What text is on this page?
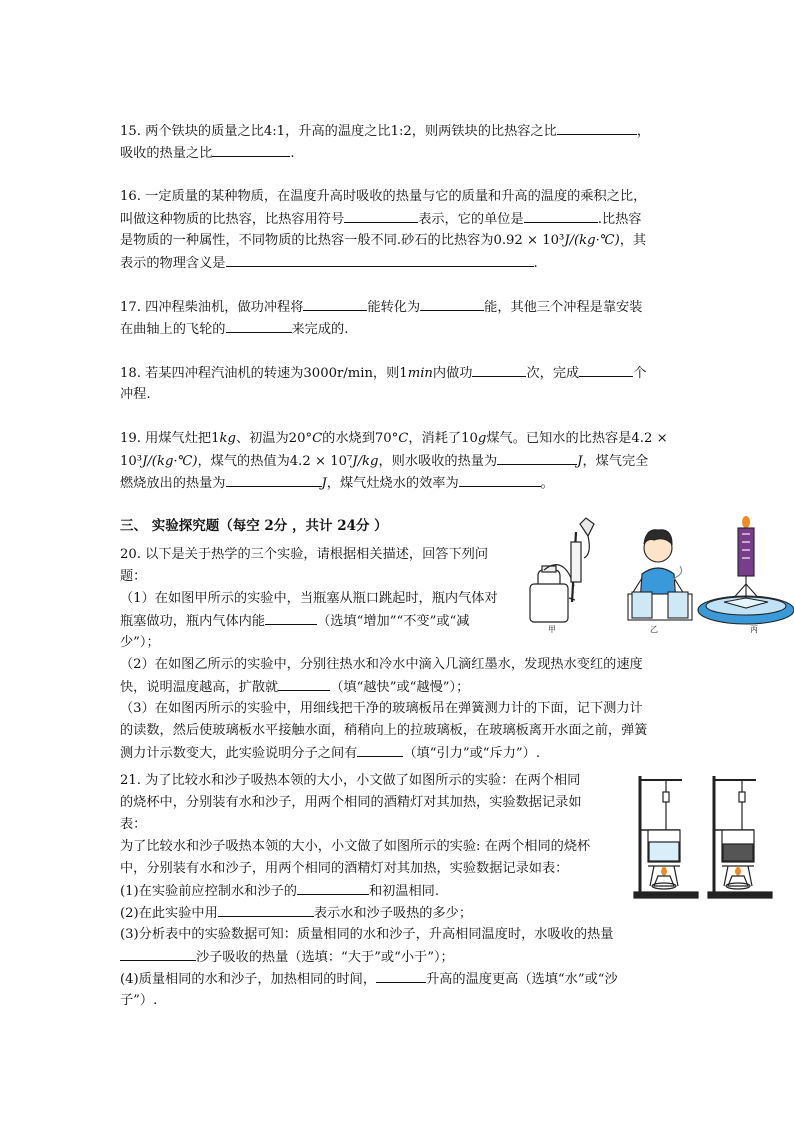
15. 两个铁块的质量之比4:1，升高的温度之比1:2，则两铁块的比热容之比	，
吸收的热量之比	.
16. 一定质量的某种物质，在温度升高时吸收的热量与它的质量和升高的温度的乘积之比，
叫做这种物质的比热容，比热容用符号	表示，它的单位是	.比热容
是物质的一种属性，不同物质的比热容一般不同.砂石的比热容为0.92 × 10³J/(kg·℃)，其
表示的物理含义是	.
17. 四冲程柴油机，做功冲程将	能转化为	能，其他三个冲程是靠安装
在曲轴上的飞轮的	来完成的.
18. 若某四冲程汽油机的转速为3000r/min，则1min内做功	次，完成	个
冲程.
19. 用煤气灶把1kg、初温为20°C的水烧到70°C，消耗了10g煤气。已知水的比热容是4.2 ×
10³J/(kg·℃)，煤气的热值为4.2 × 10⁷J/kg，则水吸收的热量为	J，煤气完全
燃烧放出的热量为	J，煤气灶烧水的效率为	。
三、 实验探究题（每空 2分 ，共计 24分 ）
20. 以下是关于热学的三个实验，请根据相关描述，回答下列问
题：
（1）在如图甲所示的实验中，当瓶塞从瓶口跳起时，瓶内气体对
瓶塞做功，瓶内气体内能	（选填“增加”“不变”或“减
少”）；
（2）在如图乙所示的实验中，分别往热水和冷水中滴入几滴红墨水，发现热水变红的速度
快，说明温度越高，扩散就	（填“越快”或“越慢”）；
（3）在如图丙所示的实验中，用细线把干净的玻璃板吊在弹簧测力计的下面，记下测力计
的读数，然后使玻璃板水平接触水面，稍稍向上的拉玻璃板，在玻璃板离开水面之前，弹簧
测力计示数变大，此实验说明分子之间有	（填“引力”或“斥力”）.
甲	乙	丙
21. 为了比较水和沙子吸热本领的大小，小文做了如图所示的实验：在两个相同
的烧杯中，分别装有水和沙子，用两个相同的酒精灯对其加热，实验数据记录如
表：
为了比较水和沙子吸热本领的大小，小文做了如图所示的实验: 在两个相同的烧杯
中，分别装有水和沙子，用两个相同的酒精灯对其加热，实验数据记录如表：
(1)在实验前应控制水和沙子的	和初温相同.
(2)在此实验中用	表示水和沙子吸热的多少；
(3)分析表中的实验数据可知：质量相同的水和沙子，升高相同温度时，水吸收的热量
沙子吸收的热量（选填：“大于”或“小于”）；
(4)质量相同的水和沙子，加热相同的时间，	升高的温度更高（选填“水”或“沙
子”）.
